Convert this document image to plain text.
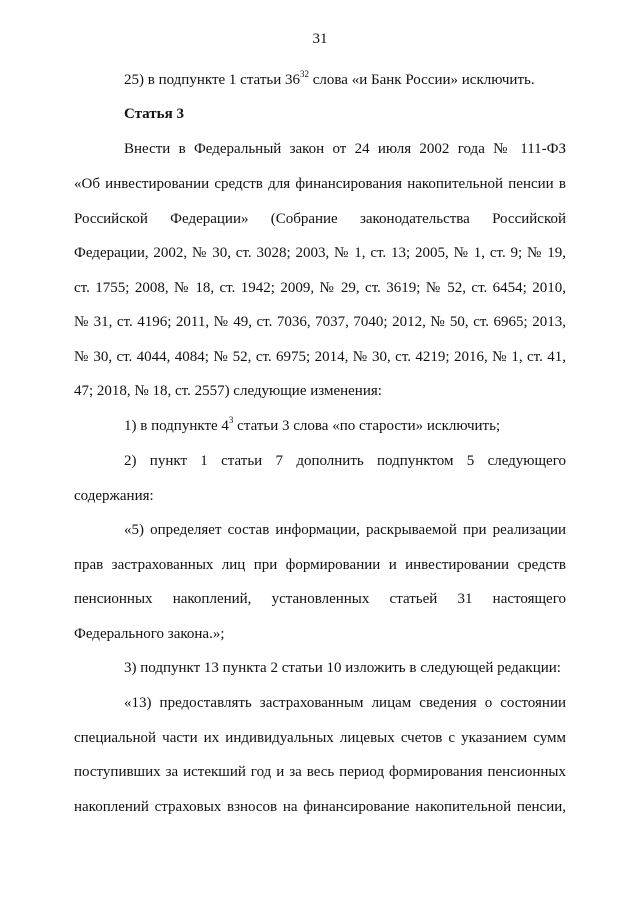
31
25) в подпункте 1 статьи $36^{32}$ слова «и Банк России» исключить.
Статья 3
Внести в Федеральный закон от 24 июля 2002 года № 111-ФЗ
«Об инвестировании средств для финансирования накопительной пенсии в
Российской Федерации» (Собрание законодательства Российской
Федерации, 2002, № 30, ст. 3028; 2003, № 1, ст. 13; 2005, № 1, ст. 9; № 19,
ст. 1755; 2008, № 18, ст. 1942; 2009, № 29, ст. 3619; № 52, ст. 6454; 2010,
№ 31, ст. 4196; 2011, № 49, ст. 7036, 7037, 7040; 2012, № 50, ст. 6965; 2013,
№ 30, ст. 4044, 4084; № 52, ст. 6975; 2014, № 30, ст. 4219; 2016, № 1, ст. 41,
47; 2018, № 18, ст. 2557) следующие изменения:
1) в подпункте $4^3$ статьи 3 слова «по старости» исключить;
2) пункт 1 статьи 7 дополнить подпунктом 5 следующего
содержания:
«5) определяет состав информации, раскрываемой при реализации
прав застрахованных лиц при формировании и инвестировании средств
пенсионных накоплений, установленных статьей 31 настоящего
Федерального закона.»;
3) подпункт 13 пункта 2 статьи 10 изложить в следующей редакции:
«13) предоставлять застрахованным лицам сведения о состоянии
специальной части их индивидуальных лицевых счетов с указанием сумм
поступивших за истекший год и за весь период формирования пенсионных
накоплений страховых взносов на финансирование накопительной пенсии,
